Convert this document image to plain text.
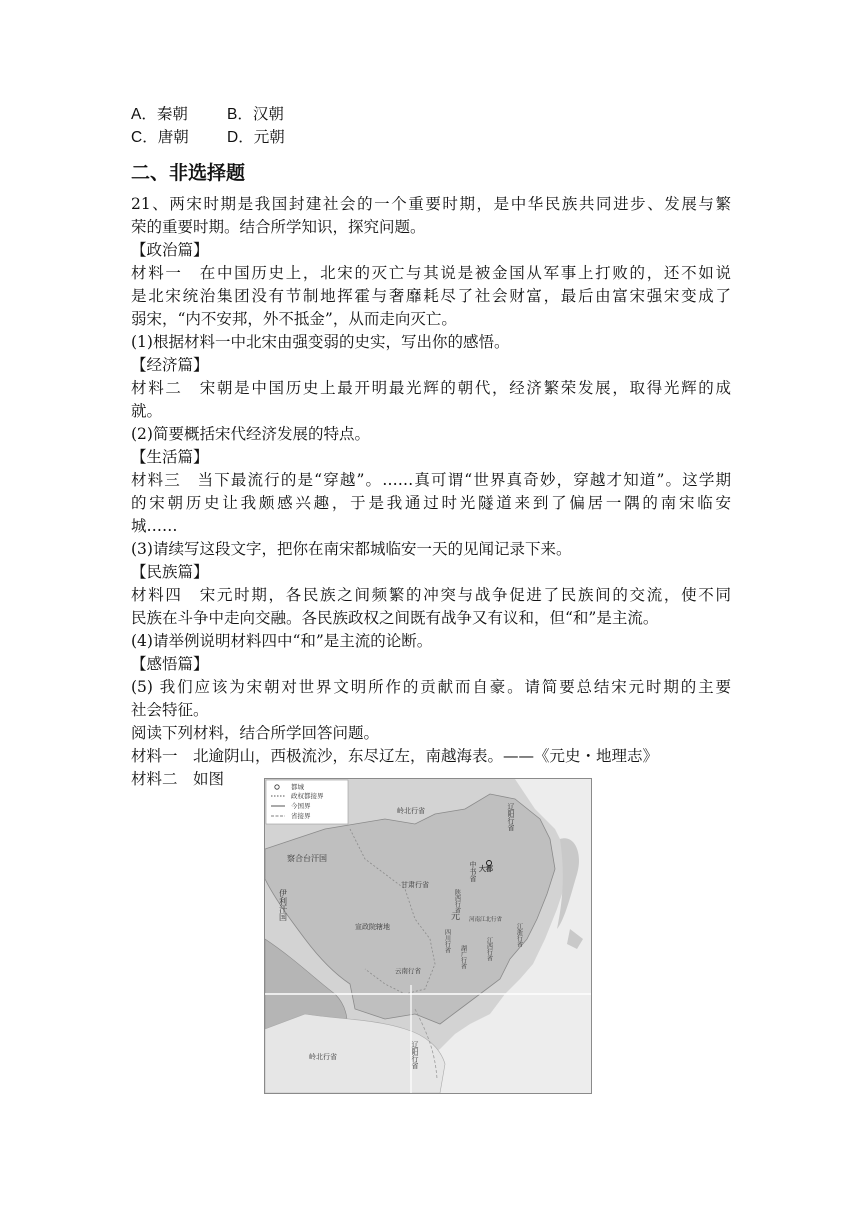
A．秦朝	B．汉朝
C．唐朝 D．元朝
二、非选择题
21、两宋时期是我国封建社会的一个重要时期，是中华民族共同进步、发展与繁
荣的重要时期。结合所学知识，探究问题。
【政治篇】
材料一　在中国历史上，北宋的灭亡与其说是被金国从军事上打败的，还不如说
是北宋统治集团没有节制地挥霍与奢靡耗尽了社会财富，最后由富宋强宋变成了
弱宋，“内不安邦，外不抵金”，从而走向灭亡。
(1)根据材料一中北宋由强变弱的史实，写出你的感悟。
【经济篇】
材料二　宋朝是中国历史上最开明最光辉的朝代，经济繁荣发展，取得光辉的成
就。
(2)简要概括宋代经济发展的特点。
【生活篇】
材料三　当下最流行的是“穿越”。……真可谓“世界真奇妙，穿越才知道”。这学期
的宋朝历史让我颇感兴趣，于是我通过时光隧道来到了偏居一隅的南宋临安
城……
(3)请续写这段文字，把你在南宋都城临安一天的见闻记录下来。
【民族篇】
材料四　宋元时期，各民族之间频繁的冲突与战争促进了民族间的交流，使不同
民族在斗争中走向交融。各民族政权之间既有战争又有议和，但“和”是主流。
(4)请举例说明材料四中“和”是主流的论断。
【感悟篇】
(5) 我们应该为宋朝对世界文明所作的贡献而自豪。请简要总结宋元时期的主要
社会特征。
阅读下列材料，结合所学回答问题。
材料一　北逾阴山，西极流沙，东尽辽左，南越海表。——《元史・地理志》
材料二　如图	都城
政权都接界
今国界
省接界
岭北行省	辽阳行省
察合台汗国
伊利汗国
大都
中书省
甘肃行省
陕西行省
元
宣政院辖地
四川行省
河南江北行省
江浙行省
江西行省
湖广行省
云南行省
岭北行省	辽阳行省
